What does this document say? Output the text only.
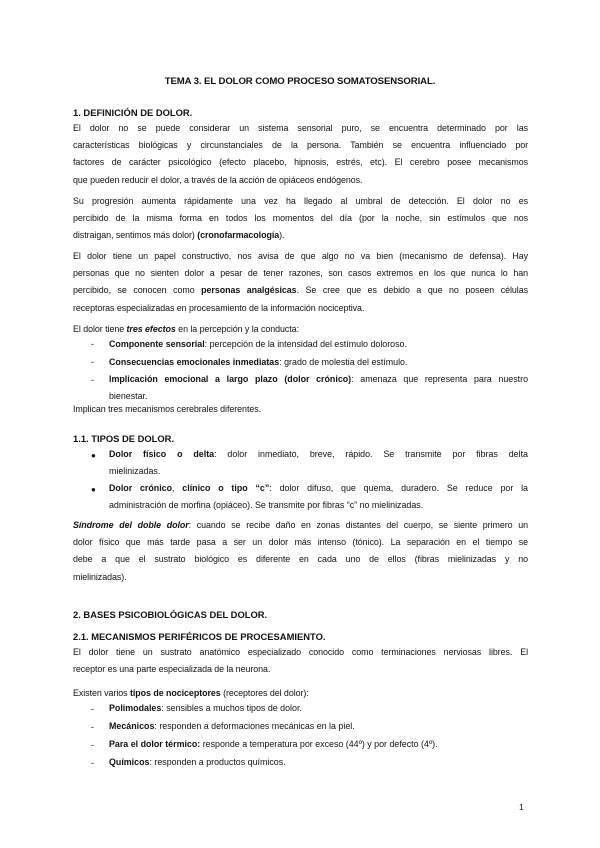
TEMA 3. EL DOLOR COMO PROCESO SOMATOSENSORIAL.
1. DEFINICIÓN DE DOLOR.
El dolor no se puede considerar un sistema sensorial puro, se encuentra determinado por las
características biológicas y circunstanciales de la persona. También se encuentra influenciado por
factores de carácter psicológico (efecto placebo, hipnosis, estrés, etc). El cerebro posee mecanismos
que pueden reducir el dolor, a través de la acción de opiáceos endógenos.
Su progresión aumenta rápidamente una vez ha llegado al umbral de detección. El dolor no es
percibido de la misma forma en todos los momentos del día (por la noche, sin estímulos que nos
distraigan, sentimos más dolor) (cronofarmacología).
El dolor tiene un papel constructivo, nos avisa de que algo no va bien (mecanismo de defensa). Hay
personas que no sienten dolor a pesar de tener razones, son casos extremos en los que nunca lo han
percibido, se conocen como personas analgésicas. Se cree que es debido a que no poseen células
receptoras especializadas en procesamiento de la información nociceptiva.
El dolor tiene tres efectos en la percepción y la conducta:
- Componente sensorial: percepción de la intensidad del estímulo doloroso.
- Consecuencias emocionales inmediatas: grado de molestia del estímulo.
- Implicación emocional a largo plazo (dolor crónico): amenaza que representa para nuestro
bienestar.
Implican tres mecanismos cerebrales diferentes.
1.1. TIPOS DE DOLOR.
● Dolor físico o delta: dolor inmediato, breve, rápido. Se transmite por fibras delta
mielinizadas.
● Dolor crónico, clínico o tipo “c”: dolor difuso, que quema, duradero. Se reduce por la
administración de morfina (opiáceo). Se transmite por fibras “c” no mielinizadas.
Síndrome del doble dolor: cuando se recibe daño en zonas distantes del cuerpo, se siente primero un
dolor físico que más tarde pasa a ser un dolor más intenso (tónico). La separación en el tiempo se
debe a que el sustrato biológico es diferente en cada uno de ellos (fibras mielinizadas y no
mielinizadas).
2. BASES PSICOBIOLÓGICAS DEL DOLOR.
2.1. MECANISMOS PERIFÉRICOS DE PROCESAMIENTO.
El dolor tiene un sustrato anatómico especializado conocido como terminaciones nerviosas libres. El
receptor es una parte especializada de la neurona.
Existen varios tipos de nociceptores (receptores del dolor):
- Polimodales: sensibles a muchos tipos de dolor.
- Mecánicos: responden a deformaciones mecánicas en la piel.
- Para el dolor térmico: responde a temperatura por exceso (44º) y por defecto (4º).
- Químicos: responden a productos químicos.
1
